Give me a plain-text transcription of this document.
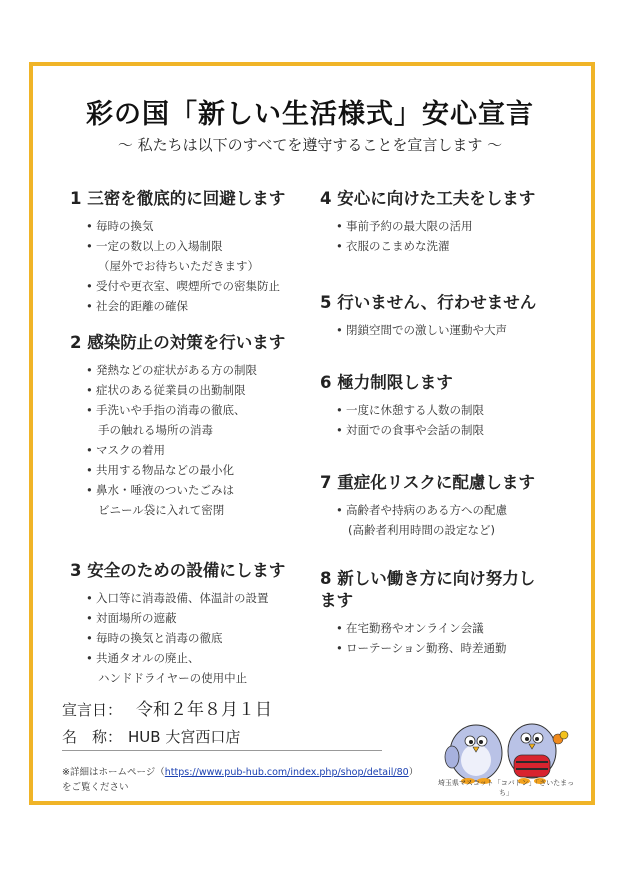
彩の国「新しい生活様式」安心宣言
～ 私たちは以下のすべてを遵守することを宣言します ～
1 三密を徹底的に回避します
• 毎時の換気
• 一定の数以上の入場制限
（屋外でお待ちいただきます）
• 受付や更衣室、喫煙所での密集防止
• 社会的距離の確保
2 感染防止の対策を行います
• 発熱などの症状がある方の制限
• 症状のある従業員の出勤制限
• 手洗いや手指の消毒の徹底、
手の触れる場所の消毒
• マスクの着用
• 共用する物品などの最小化
• 鼻水・唾液のついたごみは
ビニール袋に入れて密閉
3 安全のための設備にします
• 入口等に消毒設備、体温計の設置
• 対面場所の遮蔽
• 毎時の換気と消毒の徹底
• 共通タオルの廃止、
ハンドドライヤーの使用中止
4 安心に向けた工夫をします
• 事前予約の最大限の活用
• 衣服のこまめな洗濯
5 行いません、行わせません
• 閉鎖空間での激しい運動や大声
6 極力制限します
• 一度に休憩する人数の制限
• 対面での食事や会話の制限
7 重症化リスクに配慮します
• 高齢者や持病のある方への配慮
(高齢者利用時間の設定など)
8 新しい働き方に向け努力します
• 在宅勤務やオンライン会議
• ローテーション勤務、時差通勤
宣言日： 令和２年８月１日
名　称： HUB 大宮西口店
※詳細はホームページ（https://www.pub-hub.com/index.php/shop/detail/80）
をご覧ください	埼玉県マスコット「コバトン」「さいたまっち」
